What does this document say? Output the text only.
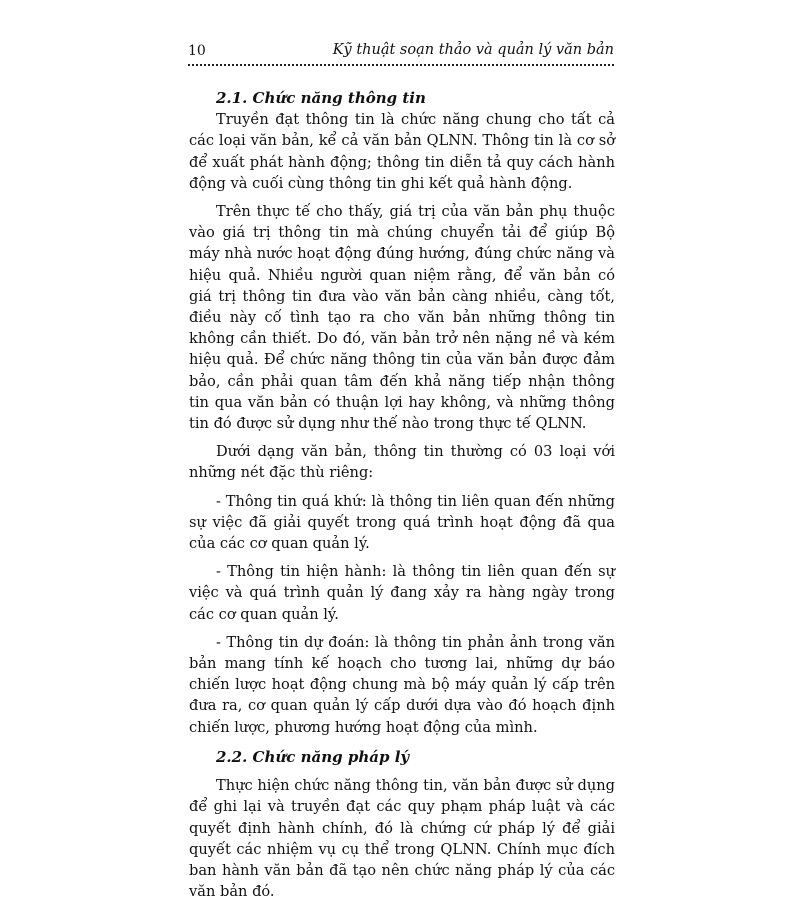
10	Kỹ thuật soạn thảo và quản lý văn bản

2.1. Chức năng thông tin

Truyền đạt thông tin là chức năng chung cho tất cả các loại văn bản, kể cả văn bản QLNN. Thông tin là cơ sở để xuất phát hành động; thông tin diễn tả quy cách hành động và cuối cùng thông tin ghi kết quả hành động.

Trên thực tế cho thấy, giá trị của văn bản phụ thuộc vào giá trị thông tin mà chúng chuyển tải để giúp Bộ máy nhà nước hoạt động đúng hướng, đúng chức năng và hiệu quả. Nhiều người quan niệm rằng, để văn bản có giá trị thông tin đưa vào văn bản càng nhiều, càng tốt, điều này cố tình tạo ra cho văn bản những thông tin không cần thiết. Do đó, văn bản trở nên nặng nề và kém hiệu quả. Để chức năng thông tin của văn bản được đảm bảo, cần phải quan tâm đến khả năng tiếp nhận thông tin qua văn bản có thuận lợi hay không, và những thông tin đó được sử dụng như thế nào trong thực tế QLNN.

Dưới dạng văn bản, thông tin thường có 03 loại với những nét đặc thù riêng:

- Thông tin quá khứ: là thông tin liên quan đến những sự việc đã giải quyết trong quá trình hoạt động đã qua của các cơ quan quản lý.

- Thông tin hiện hành: là thông tin liên quan đến sự việc và quá trình quản lý đang xảy ra hàng ngày trong các cơ quan quản lý.

- Thông tin dự đoán: là thông tin phản ảnh trong văn bản mang tính kế hoạch cho tương lai, những dự báo chiến lược hoạt động chung mà bộ máy quản lý cấp trên đưa ra, cơ quan quản lý cấp dưới dựa vào đó hoạch định chiến lược, phương hướng hoạt động của mình.

2.2. Chức năng pháp lý

Thực hiện chức năng thông tin, văn bản được sử dụng để ghi lại và truyền đạt các quy phạm pháp luật và các quyết định hành chính, đó là chứng cứ pháp lý để giải quyết các nhiệm vụ cụ thể trong QLNN. Chính mục đích ban hành văn bản đã tạo nên chức năng pháp lý của các văn bản đó.
